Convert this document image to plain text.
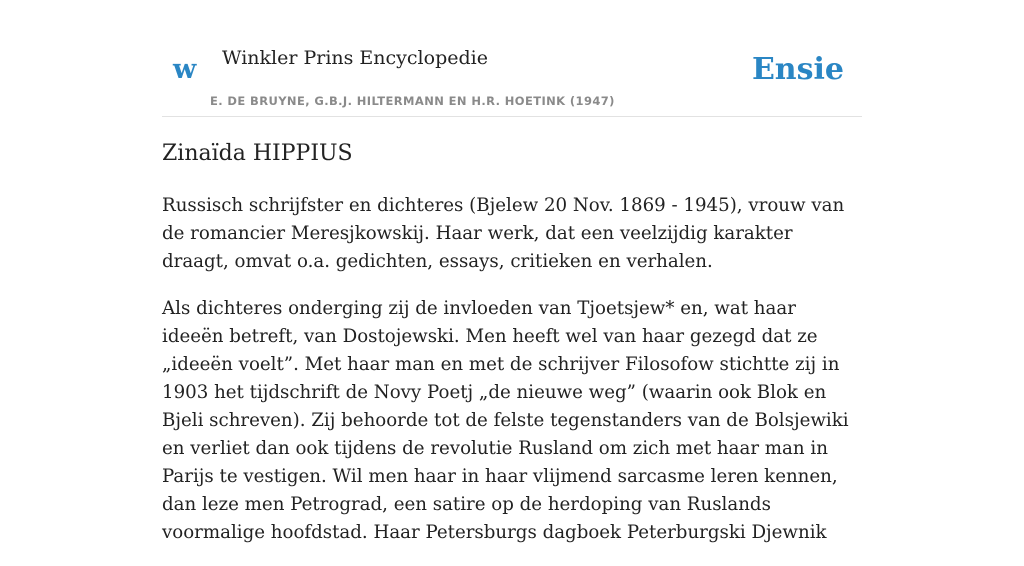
w Winkler Prins Encyclopedie
E. DE BRUYNE, G.B.J. HILTERMANN EN H.R. HOETINK (1947)
Ensie
Zinaïda HIPPIUS

Russisch schrijfster en dichteres (Bjelew 20 Nov. 1869 - 1945), vrouw van de romancier Meresjkowskij. Haar werk, dat een veelzijdig karakter draagt, omvat o.a. gedichten, essays, critieken en verhalen.

Als dichteres onderging zij de invloeden van Tjoetsjew* en, wat haar ideeën betreft, van Dostojewski. Men heeft wel van haar gezegd dat ze „ideeën voelt”. Met haar man en met de schrijver Filosofow stichtte zij in 1903 het tijdschrift de Novy Poetj „de nieuwe weg” (waarin ook Blok en Bjeli schreven). Zij behoorde tot de felste tegenstanders van de Bolsjewiki en verliet dan ook tijdens de revolutie Rusland om zich met haar man in Parijs te vestigen. Wil men haar in haar vlijmend sarcasme leren kennen, dan leze men Petrograd, een satire op de herdoping van Ruslands voormalige hoofdstad. Haar Petersburgs dagboek Peterburgski Djewnik
